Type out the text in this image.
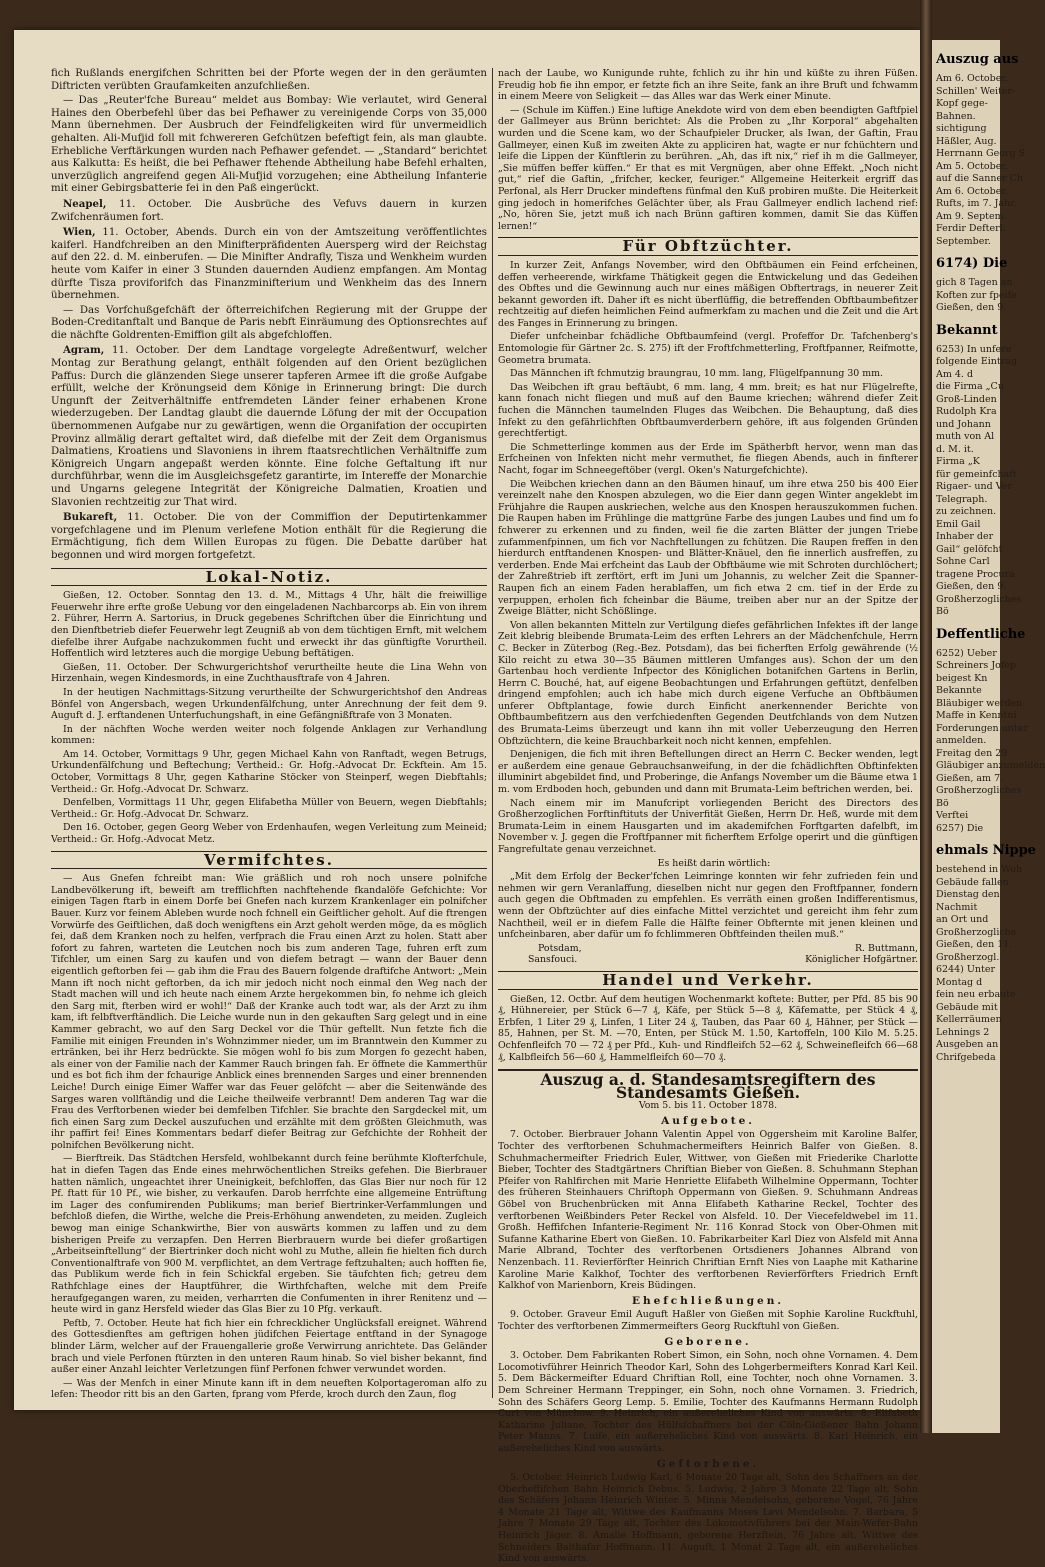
fich Rußlands energifchen Schritten bei der Pforte wegen der in den geräumten Diftricten verübten Graufamkeiten anzufchließen.

— Das „Reuter'fche Bureau“ meldet aus Bombay: Wie verlautet, wird General Haines den Oberbefehl über das bei Pefhawer zu vereinigende Corps von 35,000 Mann übernehmen. Der Ausbruch der Feindfeligkeiten wird für unvermeidlich gehalten. Ali-Mufjid foll mit fchwereren Gefchützen befeftigt fein, als man glaubte. Erhebliche Verftärkungen wurden nach Pefhawer gefendet. — „Standard“ berichtet aus Kalkutta: Es heißt, die bei Pefhawer ftehende Abtheilung habe Befehl erhalten, unverzüglich angreifend gegen Ali-Mufjid vorzugehen; eine Abtheilung Infanterie mit einer Gebirgsbatterie fei in den Paß eingerückt.

Neapel, 11. October. Die Ausbrüche des Vefuvs dauern in kurzen Zwifchenräumen fort.

Wien, 11. October, Abends. Durch ein von der Amtszeitung veröffentlichtes kaiferl. Handfchreiben an den Minifterpräfidenten Auersperg wird der Reichstag auf den 22. d. M. einberufen. — Die Minifter Andrafly, Tisza und Wenkheim wurden heute vom Kaifer in einer 3 Stunden dauernden Audienz empfangen. Am Montag dürfte Tisza proviforifch das Finanzminifterium und Wenkheim das des Innern übernehmen.

— Das Vorfchußgefchäft der öfterreichifchen Regierung mit der Gruppe der Boden-Creditanftalt und Banque de Paris nebft Einräumung des Optionsrechtes auf die nächfte Goldrenten-Emiffion gilt als abgefchloffen.

Agram, 11. October. Der dem Landtage vorgelegte Adreßentwurf, welcher Montag zur Berathung gelangt, enthält folgenden auf den Orient bezüglichen Paffus: Durch die glänzenden Siege unserer tapferen Armee ift die große Aufgabe erfüllt, welche der Krönungseid dem Könige in Erinnerung bringt: Die durch Ungunft der Zeitverhältniffe entfremdeten Länder feiner erhabenen Krone wiederzugeben. Der Landtag glaubt die dauernde Löfung der mit der Occupation übernommenen Aufgabe nur zu gewärtigen, wenn die Organifation der occupirten Provinz allmälig derart geftaltet wird, daß diefelbe mit der Zeit dem Organismus Dalmatiens, Kroatiens und Slavoniens in ihrem ftaatsrechtlichen Verhältniffe zum Königreich Ungarn angepaßt werden könnte. Eine folche Geftaltung ift nur durchführbar, wenn die im Ausgleichsgefetz garantirte, im Intereffe der Monarchie und Ungarns gelegene Integrität der Königreiche Dalmatien, Kroatien und Slavonien rechtzeitig zur That wird.

Bukareft, 11. October. Die von der Commiffion der Deputirtenkammer vorgefchlagene und im Plenum verlefene Motion enthält für die Regierung die Ermächtigung, fich dem Willen Europas zu fügen. Die Debatte darüber hat begonnen und wird morgen fortgefetzt.

Lokal-Notiz.

Gießen, 12. October. Sonntag den 13. d. M., Mittags 4 Uhr, hält die freiwillige Feuerwehr ihre erfte große Uebung vor den eingeladenen Nachbarcorps ab. Ein von ihrem 2. Führer, Herrn A. Sartorius, in Druck gegebenes Schriftchen über die Einrichtung und den Dienftbetrieb diefer Feuerwehr legt Zeugniß ab von dem tüchtigen Ernft, mit welchem diefelbe ihrer Aufgabe nachzukommen fucht und erweckt ihr das günftigfte Vorurtheil. Hoffentlich wird letzteres auch die morgige Uebung beftätigen.

Gießen, 11. October. Der Schwurgerichtshof verurtheilte heute die Lina Wehn von Hirzenhain, wegen Kindesmords, in eine Zuchthausftrafe von 4 Jahren.

In der heutigen Nachmittags-Sitzung verurtheilte der Schwurgerichtshof den Andreas Bönfel von Angersbach, wegen Urkundenfälfchung, unter Anrechnung der feit dem 9. Auguft d. J. erftandenen Unterfuchungshaft, in eine Gefängnißftrafe von 3 Monaten.

In der nächften Woche werden weiter noch folgende Anklagen zur Verhandlung kommen:

Am 14. October, Vormittags 9 Uhr, gegen Michael Kahn von Ranftadt, wegen Betrugs, Urkundenfälfchung und Beftechung; Vertheid.: Gr. Hofg.-Advocat Dr. Eckftein. Am 15. October, Vormittags 8 Uhr, gegen Katharine Stöcker von Steinperf, wegen Diebftahls; Vertheid.: Gr. Hofg.-Advocat Dr. Schwarz.

Denfelben, Vormittags 11 Uhr, gegen Elifabetha Müller von Beuern, wegen Diebftahls; Vertheid.: Gr. Hofg.-Advocat Dr. Schwarz.

Den 16. October, gegen Georg Weber von Erdenhaufen, wegen Verleitung zum Meineid; Vertheid.: Gr. Hofg.-Advocat Metz.

Vermifchtes.

— Aus Gnefen fchreibt man: Wie gräßlich und roh noch unsere polnifche Landbevölkerung ift, beweift am trefflichften nachftehende fkandalöfe Gefchichte: Vor einigen Tagen ftarb in einem Dorfe bei Gnefen nach kurzem Krankenlager ein polnifcher Bauer. Kurz vor feinem Ableben wurde noch fchnell ein Geiftlicher geholt. Auf die ftrengen Vorwürfe des Geiftlichen, daß doch wenigftens ein Arzt geholt werden möge, da es möglich fei, daß dem Kranken noch zu helfen, verfprach die Frau einen Arzt zu holen. Statt aber fofort zu fahren, warteten die Leutchen noch bis zum anderen Tage, fuhren erft zum Tifchler, um einen Sarg zu kaufen und von diefem betragt — wann der Bauer denn eigentlich geftorben fei — gab ihm die Frau des Bauern folgende draftifche Antwort: „Mein Mann ift noch nicht geftorben, da ich mir jedoch nicht noch einmal den Weg nach der Stadt machen will und ich heute nach einem Arzte hergekommen bin, fo nehme ich gleich den Sarg mit, fterben wird er wohl!“ Daß der Kranke auch todt war, als der Arzt zu ihm kam, ift felbftverftändlich. Die Leiche wurde nun in den gekauften Sarg gelegt und in eine Kammer gebracht, wo auf den Sarg Deckel vor die Thür geftellt. Nun fetzte fich die Familie mit einigen Freunden in's Wohnzimmer nieder, um im Branntwein den Kummer zu ertränken, bei ihr Herz bedrückte. Sie mögen wohl fo bis zum Morgen fo gezecht haben, als einer von der Familie nach der Kammer Rauch bringen fah. Er öffnete die Kammerthür und es bot fich ihm der fchaurige Anblick eines brennenden Sarges und einer brennenden Leiche! Durch einige Eimer Waffer war das Feuer gelöfcht — aber die Seitenwände des Sarges waren vollftändig und die Leiche theilweife verbrannt! Dem anderen Tag war die Frau des Verftorbenen wieder bei demfelben Tifchler. Sie brachte den Sargdeckel mit, um fich einen Sarg zum Deckel auszufuchen und erzählte mit dem größten Gleichmuth, was ihr paffirt fei! Eines Kommentars bedarf diefer Beitrag zur Gefchichte der Rohheit der polnifchen Bevölkerung nicht.

— Bierftreik. Das Städtchen Hersfeld, wohlbekannt durch feine berühmte Klofterfchule, hat in diefen Tagen das Ende eines mehrwöchentlichen Streiks gefehen. Die Bierbrauer hatten nämlich, ungeachtet ihrer Uneinigkeit, befchloffen, das Glas Bier nur noch für 12 Pf. ftatt für 10 Pf., wie bisher, zu verkaufen. Darob herrfchte eine allgemeine Entrüftung im Lager des confumirenden Publikums; man berief Biertrinker-Verfammlungen und befchloß diefen, die Wirthe, welche die Preis-Erhöhung anwendeten, zu meiden. Zugleich bewog man einige Schankwirthe, Bier von auswärts kommen zu laffen und zu dem bisherigen Preife zu verzapfen. Den Herren Bierbrauern wurde bei diefer großartigen „Arbeitseinftellung“ der Biertrinker doch nicht wohl zu Muthe, allein fie hielten fich durch Conventionalftrafe von 900 M. verpflichtet, an dem Vertrage feftzuhalten; auch hofften fie, das Publikum werde fich in fein Schickfal ergeben. Sie täufchten fich; getreu dem Rathfchlage eines der Hauptführer, die Wirthfchaften, welche mit dem Preife heraufgegangen waren, zu meiden, verharrten die Confumenten in ihrer Renitenz und — heute wird in ganz Hersfeld wieder das Glas Bier zu 10 Pfg. verkauft.

Peftb, 7. October. Heute hat fich hier ein fchrecklicher Unglücksfall ereignet. Während des Gottesdienftes am geftrigen hohen jüdifchen Feiertage entftand in der Synagoge blinder Lärm, welcher auf der Frauengallerie große Verwirrung anrichtete. Das Geländer brach und viele Perfonen ftürzten in den unteren Raum hinab. So viel bisher bekannt, find außer einer Anzahl leichter Verletzungen fünf Perfonen fchwer verwundet worden.

— Was der Menfch in einer Minute kann ift in dem neueften Kolportageroman alfo zu lefen: Theodor ritt bis an den Garten, fprang vom Pferde, kroch durch den Zaun, flog

nach der Laube, wo Kunigunde ruhte, fchlich zu ihr hin und küßte zu ihren Füßen. Freudig hob fie ihn empor, er fetzte fich an ihre Seite, fank an ihre Bruft und fchwamm in einem Meere von Seligkeit — das Alles war das Werk einer Minute.

— (Schule im Küffen.) Eine luftige Anekdote wird von dem eben beendigten Gaftfpiel der Gallmeyer aus Brünn berichtet: Als die Proben zu „Ihr Korporal“ abgehalten wurden und die Scene kam, wo der Schaufpieler Drucker, als Iwan, der Gaftin, Frau Gallmeyer, einen Kuß im zweiten Akte zu appliciren hat, wagte er nur fchüchtern und leife die Lippen der Künftlerin zu berühren. „Ah, das ift nix,“ rief ih m die Gallmeyer, „Sie müffen beffer küffen.“ Er that es mit Vergnügen, aber ohne Effekt. „Noch nicht gut,“ rief die Gaftin, „frifcher, kecker, feuriger.“ Allgemeine Heiterkeit ergriff das Perfonal, als Herr Drucker mindeftens fünfmal den Kuß probiren mußte. Die Heiterkeit ging jedoch in homerifches Gelächter über, als Frau Gallmeyer endlich lachend rief: „No, hören Sie, jetzt muß ich nach Brünn gaftiren kommen, damit Sie das Küffen lernen!“

Für Obftzüchter.

In kurzer Zeit, Anfangs November, wird den Obftbäumen ein Feind erfcheinen, deffen verheerende, wirkfame Thätigkeit gegen die Entwickelung und das Gedeihen des Obftes und die Gewinnung auch nur eines mäßigen Obftertrags, in neuerer Zeit bekannt geworden ift. Daher ift es nicht überflüffig, die betreffenden Obftbaumbefitzer rechtzeitig auf diefen heimlichen Feind aufmerkfam zu machen und die Zeit und die Art des Fanges in Erinnerung zu bringen.

Diefer unfcheinbar fchädliche Obftbaumfeind (vergl. Profeffor Dr. Tafchenberg's Entomologie für Gärtner 2c. S. 275) ift der Froftfchmetterling, Froftfpanner, Reifmotte, Geometra brumata.

Das Männchen ift fchmutzig braungrau, 10 mm. lang, Flügelfpannung 30 mm.

Das Weibchen ift grau beftäubt, 6 mm. lang, 4 mm. breit; es hat nur Flügelrefte, kann fonach nicht fliegen und muß auf den Baume kriechen; während diefer Zeit fuchen die Männchen taumelnden Fluges das Weibchen. Die Behauptung, daß dies Infekt zu den gefährlichften Obftbaumverderbern gehöre, ift aus folgenden Gründen gerechtfertigt.

Die Schmetterlinge kommen aus der Erde im Spätherbft hervor, wenn man das Erfcheinen von Infekten nicht mehr vermuthet, fie fliegen Abends, auch in finfterer Nacht, fogar im Schneegeftöber (vergl. Oken's Naturgefchichte).

Die Weibchen kriechen dann an den Bäumen hinauf, um ihre etwa 250 bis 400 Eier vereinzelt nahe den Knospen abzulegen, wo die Eier dann gegen Winter angeklebt im Frühjahre die Raupen auskriechen, welche aus den Knospen herauszukommen fuchen. Die Raupen haben im Frühlinge die mattgrüne Farbe des jungen Laubes und find um fo fchwerer zu erkennen und zu finden, weil fie die zarten Blätter der jungen Triebe zufammenfpinnen, um fich vor Nachftellungen zu fchützen. Die Raupen freffen in den hierdurch entftandenen Knospen- und Blätter-Knäuel, den fie innerlich ausfreffen, zu verderben. Ende Mai erfcheint das Laub der Obftbäume wie mit Schroten durchlöchert; der Zahreßtrieb ift zerftört, erft im Juni um Johannis, zu welcher Zeit die Spanner-Raupen fich an einem Faden herablaffen, um fich etwa 2 cm. tief in der Erde zu verpuppen, erholen fich fcheinbar die Bäume, treiben aber nur an der Spitze der Zweige Blätter, nicht Schößlinge.

Von allen bekannten Mitteln zur Vertilgung diefes gefährlichen Infektes ift der lange Zeit klebrig bleibende Brumata-Leim des erften Lehrers an der Mädchenfchule, Herrn C. Becker in Züterbog (Reg.-Bez. Potsdam), das bei ficherften Erfolg gewährende (½ Kilo reicht zu etwa 30—35 Bäumen mittleren Umfanges aus). Schon der um den Gartenbau hoch verdiente Infpector des Königlichen botanifchen Gartens in Berlin, Herrn C. Bouché, hat, auf eigene Beobachtungen und Erfahrungen geftützt, denfelben dringend empfohlen; auch ich habe mich durch eigene Verfuche an Obftbäumen unferer Obftplantage, fowie durch Einficht anerkennender Berichte von Obftbaumbefitzern aus den verfchiedenften Gegenden Deutfchlands von dem Nutzen des Brumata-Leims überzeugt und kann ihn mit voller Ueberzeugung den Herren Obftzüchtern, die keine Brauchbarkeit noch nicht kennen, empfehlen.

Denjenigen, die fich mit ihren Beftellungen direct an Herrn C. Becker wenden, legt er außerdem eine genaue Gebrauchsanweifung, in der die fchädlichften Obftinfekten illuminirt abgebildet find, und Proberinge, die Anfangs November um die Bäume etwa 1 m. vom Erdboden hoch, gebunden und dann mit Brumata-Leim beftrichen werden, bei.

Nach einem mir im Manufcript vorliegenden Bericht des Directors des Großherzoglichen Forftinftituts der Univerfität Gießen, Herrn Dr. Heß, wurde mit dem Brumata-Leim in einem Hausgarten und im akademifchen Forftgarten dafelbft, im November v. J. gegen die Froftfpanner mit ficherftem Erfolge operirt und die günftigen Fangrefultate genau verzeichnet.

Es heißt darin wörtlich:

„Mit dem Erfolg der Becker'fchen Leimringe konnten wir fehr zufrieden fein und nehmen wir gern Veranlaffung, dieselben nicht nur gegen den Froftfpanner, fondern auch gegen die Obftmaden zu empfehlen. Es verräth einen großen Indifferentismus, wenn der Obftzüchter auf dies einfache Mittel verzichtet und gereicht ihm fehr zum Nachtheil, weil er in diefem Falle die Hälfte feiner Obfternte mit jenen kleinen und unfcheinbaren, aber dafür um fo fchlimmeren Obftfeinden theilen muß.“

Potsdam,
Sansfouci.
R. Buttmann,
Königlicher Hofgärtner.
Handel und Verkehr.

Gießen, 12. Octbr. Auf dem heutigen Wochenmarkt koftete: Butter, per Pfd. 85 bis 90 ₰, Hühnereier, per Stück 6—7 ₰, Käfe, per Stück 5—8 ₰, Käfematte, per Stück 4 ₰, Erbfen, 1 Liter 29 ₰, Linfen, 1 Liter 24 ₰, Tauben, das Paar 60 ₰, Hähner, per Stück —85, Hahnen, per St. M. —70, Enten, per Stück M. 1.50, Kartoffeln, 100 Kilo M. 5.25. Ochfenfleifch 70 — 72 ₰ per Pfd., Kuh- und Rindfleifch 52—62 ₰, Schweinefleifch 66—68 ₰, Kalbfleifch 56—60 ₰, Hammelfleifch 60—70 ₰.

Auszug a. d. Standesamtsregiftern des Standesamts Gießen.
Vom 5. bis 11. October 1878.
Aufgebote.

7. October. Bierbrauer Johann Valentin Appel von Oggersheim mit Karoline Balfer, Tochter des verftorbenen Schuhmachermeifters Heinrich Balfer von Gießen. 8. Schuhmachermeifter Friedrich Euler, Wittwer, von Gießen mit Friederike Charlotte Bieber, Tochter des Stadtgärtners Chriftian Bieber von Gießen. 8. Schuhmann Stephan Pfeifer von Rahlfirchen mit Marie Henriette Elifabeth Wilhelmine Oppermann, Tochter des früheren Steinhauers Chriftoph Oppermann von Gießen. 9. Schuhmann Andreas Göbel von Bruchenbrücken mit Anna Elifabeth Katharine Reckel, Tochter des verftorbenen Weißbinders Peter Reckel von Alsfeld. 10. Der Viecefeldwebel im 11. Großh. Heffifchen Infanterie-Regiment Nr. 116 Konrad Stock von Ober-Ohmen mit Sufanne Katharine Ebert von Gießen. 10. Fabrikarbeiter Karl Diez von Alsfeld mit Anna Marie Albrand, Tochter des verftorbenen Ortsdieners Johannes Albrand von Nenzenbach. 11. Revierförfter Heinrich Chriftian Ernft Nies von Laaphe mit Katharine Karoline Marie Kalkhof, Tochter des verftorbenen Revierförfters Friedrich Ernft Kalkhof von Marienborn, Kreis Büdingen.

Ehefchließungen.

9. October. Graveur Emil Auguft Haßler von Gießen mit Sophie Karoline Ruckftuhl, Tochter des verftorbenen Zimmermeifters Georg Ruckftuhl von Gießen.

Geborene.

3. October. Dem Fabrikanten Robert Simon, ein Sohn, noch ohne Vornamen. 4. Dem Locomotivführer Heinrich Theodor Karl, Sohn des Lohgerbermeifters Konrad Karl Keil. 5. Dem Bäckermeifter Eduard Chriftian Roll, eine Tochter, noch ohne Vornamen. 3. Dem Schreiner Hermann Treppinger, ein Sohn, noch ohne Vornamen. 3. Friedrich, Sohn des Schäfers Georg Lemp. 5. Emilie, Tochter des Kaufmanns Hermann Rudolph Curt von Münchow. 9. Heinrich, ein außereheliches Kind von auswärts. 8. Elifabeth Katharine Juliane, Tochter des Hülfsfchaffners bei der Cöln-Gießener Bahn Johann Peter Manns. 7. Luife, ein außereheliches Kind von auswärts. 8. Karl Heinrich, ein außereheliches Kind von auswärts.

Geftorbene.

5. October. Heinrich Ludwig Karl, 6 Monate 20 Tage alt, Sohn des Schaffners an der Oberheffifchen Bahn Heinrich Debus. 5. Ludwig, 2 Jahre 3 Monate 22 Tage alt, Sohn des Schäfers Johann Heinrich Winter. 5. Minna Mendelsohn, geborene Vogel, 76 Jahre 4 Monate 21 Tage alt, Wittwe des Kaufmanns Moses Levi Mendelsohn. 7. Barbara, 5 Jahre 7 Monate 29 Tage alt, Tochter des Lokomotivführers bei der Main-Wefer-Bahn Heinrich Jäger. 8. Amalie Hoffmann, geborene Herzftein, 76 Jahre alt, Wittwe des Schneiders Balthafar Hoffmann. 11. Auguft, 1 Monat 2 Tage alt, ein außereheliches Kind von auswärts.

Auszug aus
Am 6. October.
Schillen' Weiter-
Kopf gege-
Bahnen.
sichtigung
Häßler, Aug.
Herrnann Georg S
Am 5. October.
auf die Sanner Ch
Am 6. October.
Rufts, im 7. Jahr.
Am 9. Septem.
Ferdir Defterl.
September.
6174) Die
gich 8 Tagen an
Koften zur fpeife
Gießen, den 9.
Bekannt
6253) In unfere
folgende Eintrag
Am 4. d
die Firma „Cu
Groß-Linden
Rudolph Kra
und Johann
muth von Al
d. M. it.
Firma „K
für gemeinfchaft
Rigaer- und Ver
Telegraph.
zu zeichnen.
Emil Gail
Inhaber der
Gail“ gelöfcht
Sohne Carl
tragene Procura
Gießen, den 9.
Großherzogliches
Bö
Deffentliche
6252) Ueber
Schreiners Jofep
beigest Kn
Bekannte
Bläubiger werden
Maffe in Kenntni
Forderungen unter
anmelden.
Freitag den 29
Gläubiger anzumelden
Gießen, am 7.
Großherzogliches
Bö
Verftei
6257) Die
ehmals Nippe
bestehend in Woh
Gebäude fallen
Dienstag den
Nachmit
an Ort und
Großherzogliche
Gießen, den 11.
Großherzogl.
6244) Unter
Montag d
fein neu erbaute
Gebäude mit
Kellerräumen
Lehnings 2
Ausgeben an
Chrifgebeda
